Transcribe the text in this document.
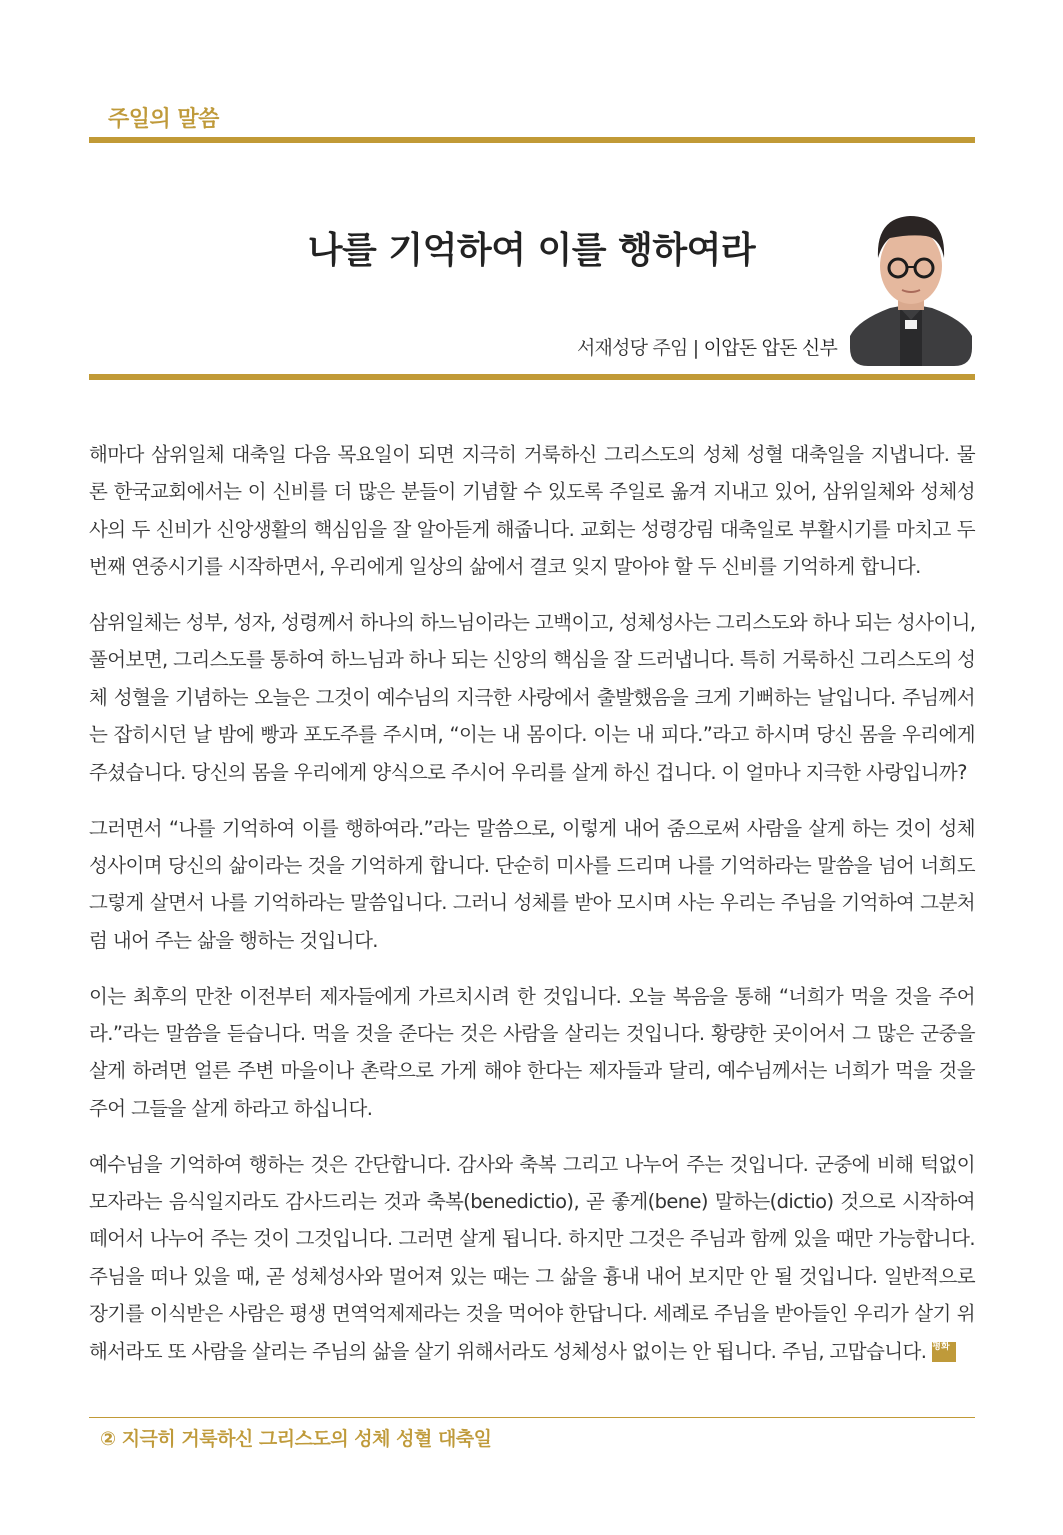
주일의 말씀
나를 기억하여 이를 행하여라
서재성당 주임 | 이압돈 압돈 신부
해마다 삼위일체 대축일 다음 목요일이 되면 지극히 거룩하신 그리스도의 성체 성혈 대축일을 지냅니다. 물
론 한국교회에서는 이 신비를 더 많은 분들이 기념할 수 있도록 주일로 옮겨 지내고 있어, 삼위일체와 성체성
사의 두 신비가 신앙생활의 핵심임을 잘 알아듣게 해줍니다. 교회는 성령강림 대축일로 부활시기를 마치고 두
번째 연중시기를 시작하면서, 우리에게 일상의 삶에서 결코 잊지 말아야 할 두 신비를 기억하게 합니다.
삼위일체는 성부, 성자, 성령께서 하나의 하느님이라는 고백이고, 성체성사는 그리스도와 하나 되는 성사이니,
풀어보면, 그리스도를 통하여 하느님과 하나 되는 신앙의 핵심을 잘 드러냅니다. 특히 거룩하신 그리스도의 성
체 성혈을 기념하는 오늘은 그것이 예수님의 지극한 사랑에서 출발했음을 크게 기뻐하는 날입니다. 주님께서
는 잡히시던 날 밤에 빵과 포도주를 주시며, “이는 내 몸이다. 이는 내 피다.”라고 하시며 당신 몸을 우리에게
주셨습니다. 당신의 몸을 우리에게 양식으로 주시어 우리를 살게 하신 겁니다. 이 얼마나 지극한 사랑입니까?
그러면서 “나를 기억하여 이를 행하여라.”라는 말씀으로, 이렇게 내어 줌으로써 사람을 살게 하는 것이 성체
성사이며 당신의 삶이라는 것을 기억하게 합니다. 단순히 미사를 드리며 나를 기억하라는 말씀을 넘어 너희도
그렇게 살면서 나를 기억하라는 말씀입니다. 그러니 성체를 받아 모시며 사는 우리는 주님을 기억하여 그분처
럼 내어 주는 삶을 행하는 것입니다.
이는 최후의 만찬 이전부터 제자들에게 가르치시려 한 것입니다. 오늘 복음을 통해 “너희가 먹을 것을 주어
라.”라는 말씀을 듣습니다. 먹을 것을 준다는 것은 사람을 살리는 것입니다. 황량한 곳이어서 그 많은 군중을
살게 하려면 얼른 주변 마을이나 촌락으로 가게 해야 한다는 제자들과 달리, 예수님께서는 너희가 먹을 것을
주어 그들을 살게 하라고 하십니다.
예수님을 기억하여 행하는 것은 간단합니다. 감사와 축복 그리고 나누어 주는 것입니다. 군중에 비해 턱없이
모자라는 음식일지라도 감사드리는 것과 축복(benedictio), 곧 좋게(bene) 말하는(dictio) 것으로 시작하여
떼어서 나누어 주는 것이 그것입니다. 그러면 살게 됩니다. 하지만 그것은 주님과 함께 있을 때만 가능합니다.
주님을 떠나 있을 때, 곧 성체성사와 멀어져 있는 때는 그 삶을 흉내 내어 보지만 안 될 것입니다. 일반적으로
장기를 이식받은 사람은 평생 면역억제제라는 것을 먹어야 한답니다. 세례로 주님을 받아들인 우리가 살기 위
해서라도 또 사람을 살리는 주님의 삶을 살기 위해서라도 성체성사 없이는 안 됩니다. 주님, 고맙습니다. 평화
② 지극히 거룩하신 그리스도의 성체 성혈 대축일
